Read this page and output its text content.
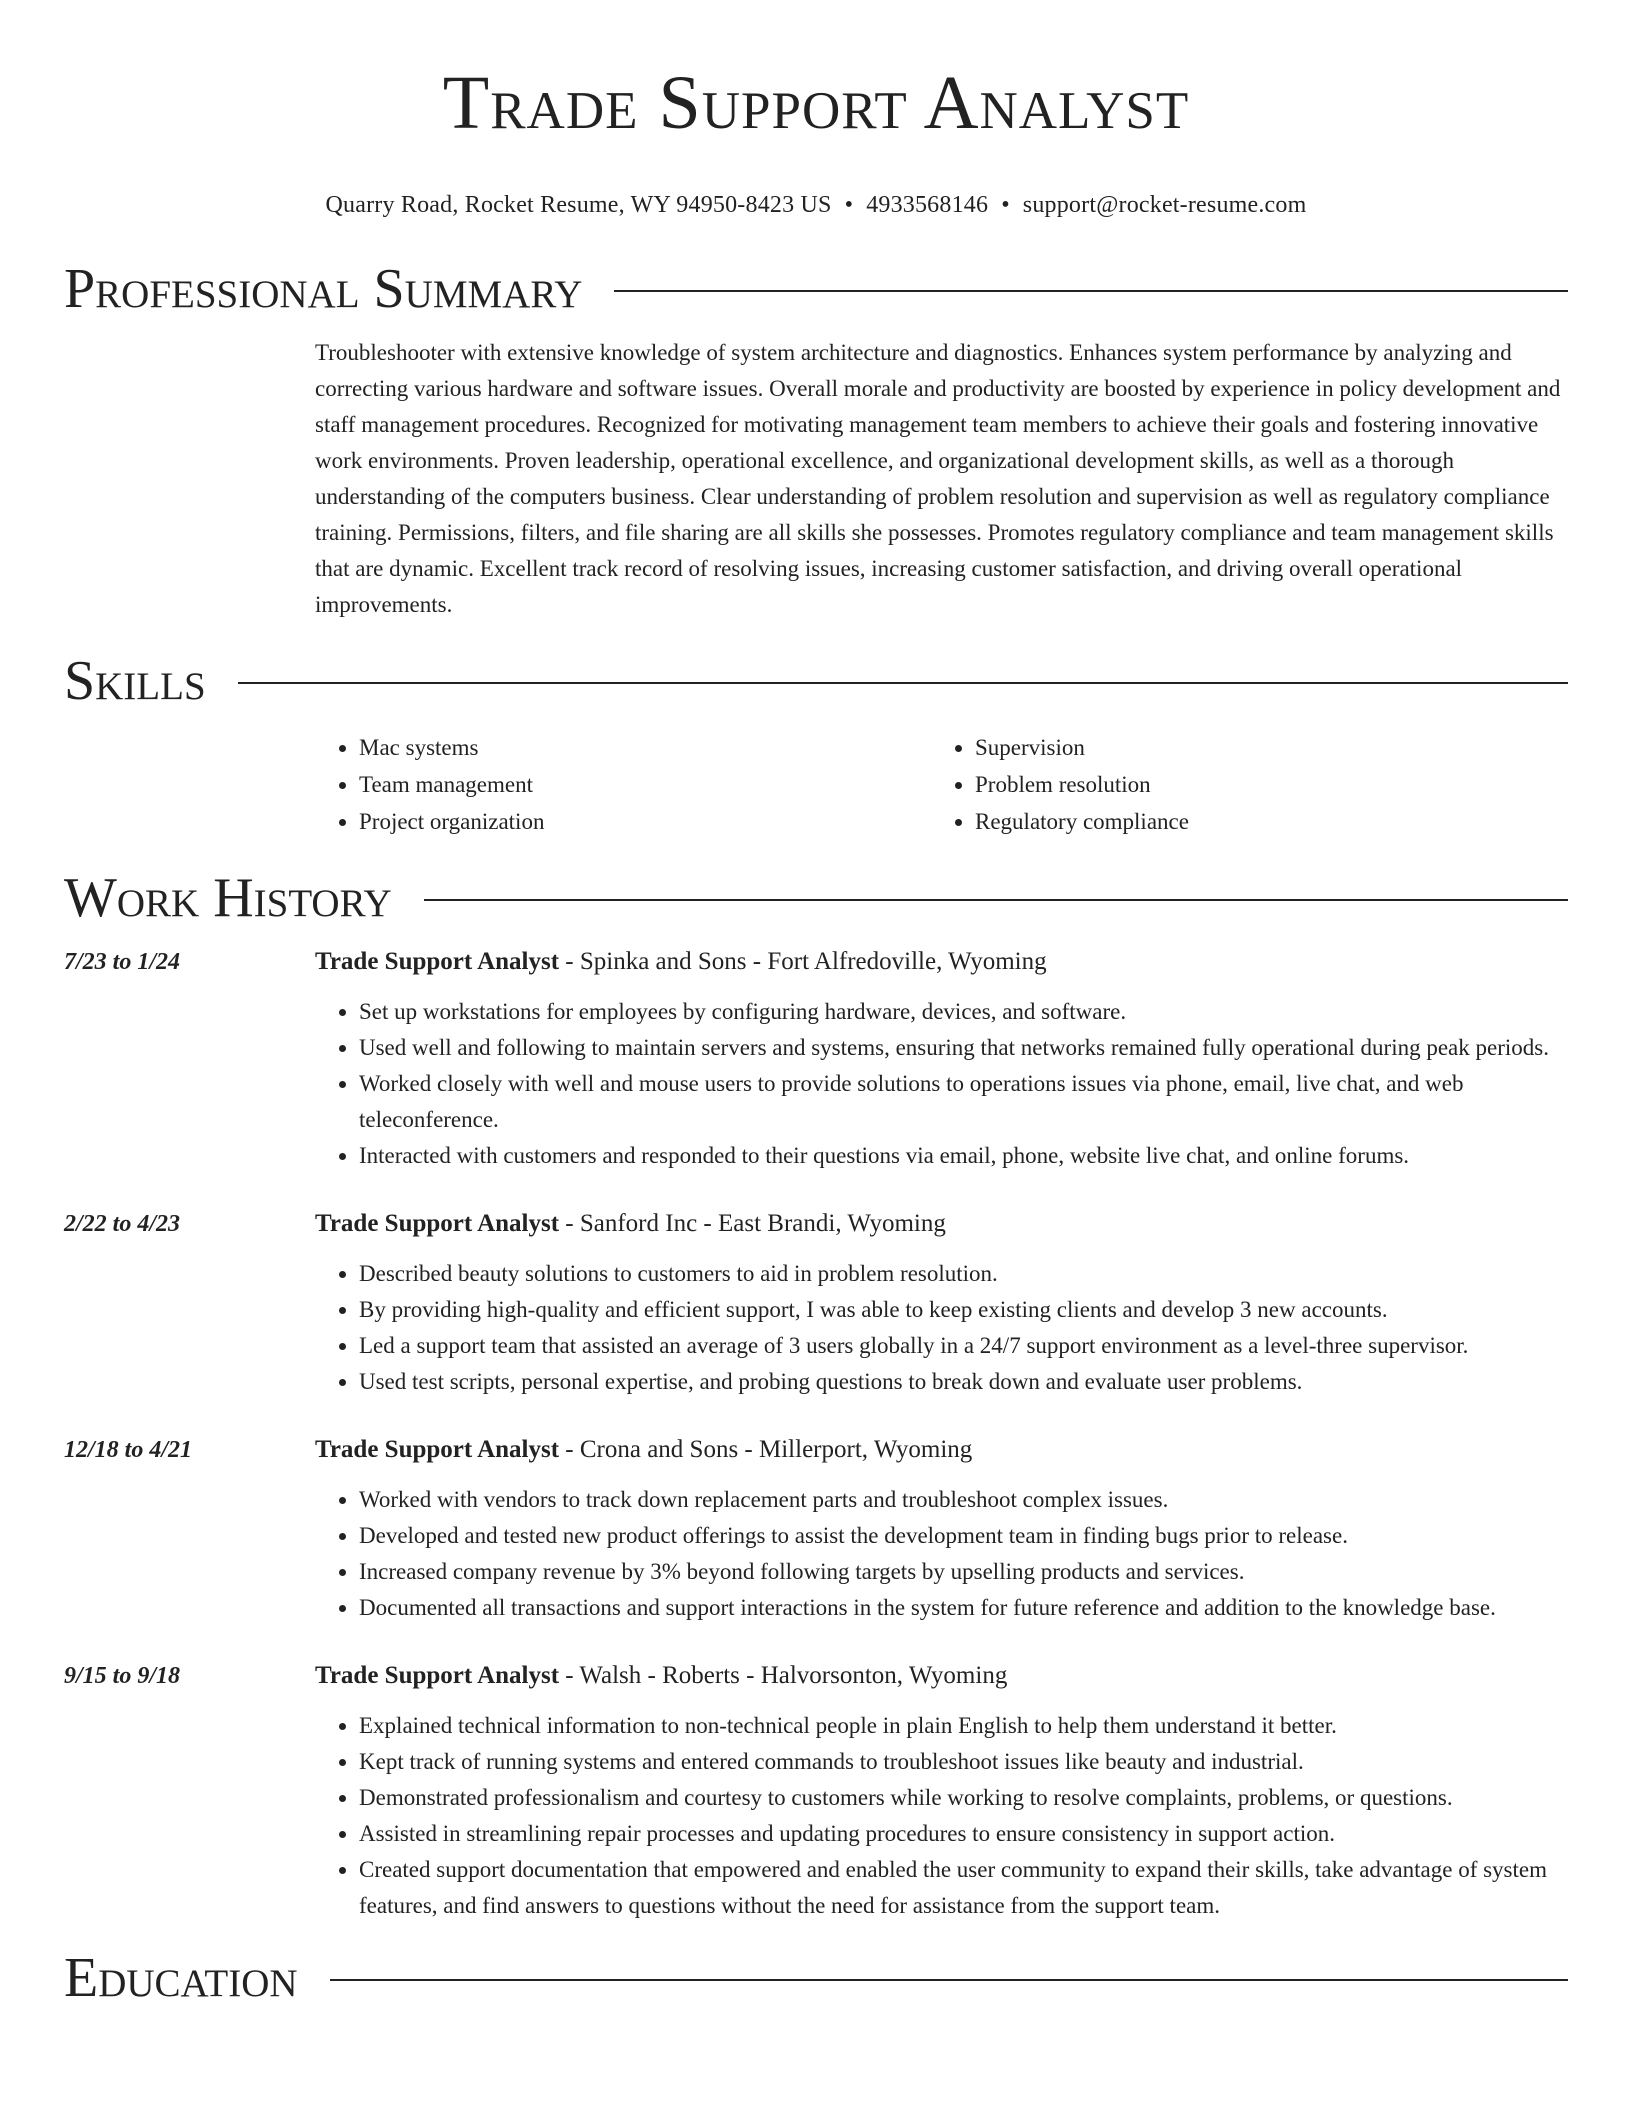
Trade Support Analyst
Quarry Road, Rocket Resume, WY 94950-8423 US • 4933568146 • support@rocket-resume.com
Professional Summary

Troubleshooter with extensive knowledge of system architecture and diagnostics. Enhances system performance by analyzing and correcting various hardware and software issues. Overall morale and productivity are boosted by experience in policy development and staff management procedures. Recognized for motivating management team members to achieve their goals and fostering innovative work environments. Proven leadership, operational excellence, and organizational development skills, as well as a thorough understanding of the computers business. Clear understanding of problem resolution and supervision as well as regulatory compliance training. Permissions, filters, and file sharing are all skills she possesses. Promotes regulatory compliance and team management skills that are dynamic. Excellent track record of resolving issues, increasing customer satisfaction, and driving overall operational improvements.

Skills
• Mac systems
• Team management
• Project organization
• Supervision
• Problem resolution
• Regulatory compliance
Work History
7/23 to 1/24	Trade Support Analyst - Spinka and Sons - Fort Alfredoville, Wyoming
• Set up workstations for employees by configuring hardware, devices, and software.
• Used well and following to maintain servers and systems, ensuring that networks remained fully operational during peak periods.
• Worked closely with well and mouse users to provide solutions to operations issues via phone, email, live chat, and web teleconference.
• Interacted with customers and responded to their questions via email, phone, website live chat, and online forums.
2/22 to 4/23	Trade Support Analyst - Sanford Inc - East Brandi, Wyoming
• Described beauty solutions to customers to aid in problem resolution.
• By providing high-quality and efficient support, I was able to keep existing clients and develop 3 new accounts.
• Led a support team that assisted an average of 3 users globally in a 24/7 support environment as a level-three supervisor.
• Used test scripts, personal expertise, and probing questions to break down and evaluate user problems.
12/18 to 4/21	Trade Support Analyst - Crona and Sons - Millerport, Wyoming
• Worked with vendors to track down replacement parts and troubleshoot complex issues.
• Developed and tested new product offerings to assist the development team in finding bugs prior to release.
• Increased company revenue by 3% beyond following targets by upselling products and services.
• Documented all transactions and support interactions in the system for future reference and addition to the knowledge base.
9/15 to 9/18	Trade Support Analyst - Walsh - Roberts - Halvorsonton, Wyoming
• Explained technical information to non-technical people in plain English to help them understand it better.
• Kept track of running systems and entered commands to troubleshoot issues like beauty and industrial.
• Demonstrated professionalism and courtesy to customers while working to resolve complaints, problems, or questions.
• Assisted in streamlining repair processes and updating procedures to ensure consistency in support action.
• Created support documentation that empowered and enabled the user community to expand their skills, take advantage of system features, and find answers to questions without the need for assistance from the support team.
Education
